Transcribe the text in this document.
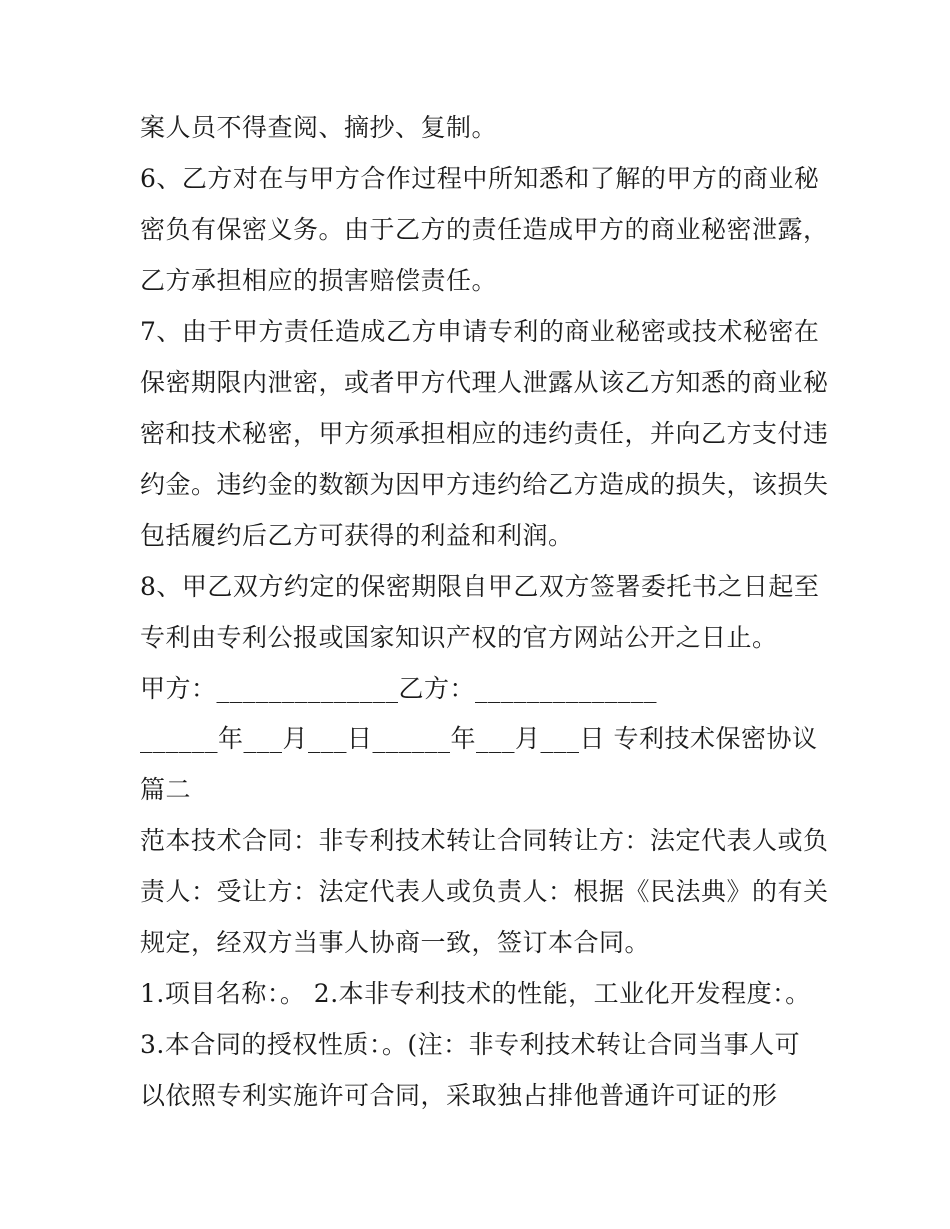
案人员不得查阅、摘抄、复制。
6、乙方对在与甲方合作过程中所知悉和了解的甲方的商业秘
密负有保密义务。由于乙方的责任造成甲方的商业秘密泄露，
乙方承担相应的损害赔偿责任。
7、由于甲方责任造成乙方申请专利的商业秘密或技术秘密在
保密期限内泄密，或者甲方代理人泄露从该乙方知悉的商业秘
密和技术秘密，甲方须承担相应的违约责任，并向乙方支付违
约金。违约金的数额为因甲方违约给乙方造成的损失，该损失
包括履约后乙方可获得的利益和利润。
8、甲乙双方约定的保密期限自甲乙双方签署委托书之日起至
专利由专利公报或国家知识产权的官方网站公开之日止。
甲方：______________乙方：______________
______年___月___日______年___月___日 专利技术保密协议
篇二
范本技术合同：非专利技术转让合同转让方：法定代表人或负
责人：受让方：法定代表人或负责人：根据《民法典》的有关
规定，经双方当事人协商一致，签订本合同。
1.项目名称：。 2.本非专利技术的性能，工业化开发程度：。
3.本合同的授权性质：。(注：非专利技术转让合同当事人可
以依照专利实施许可合同，采取独占排他普通许可证的形
